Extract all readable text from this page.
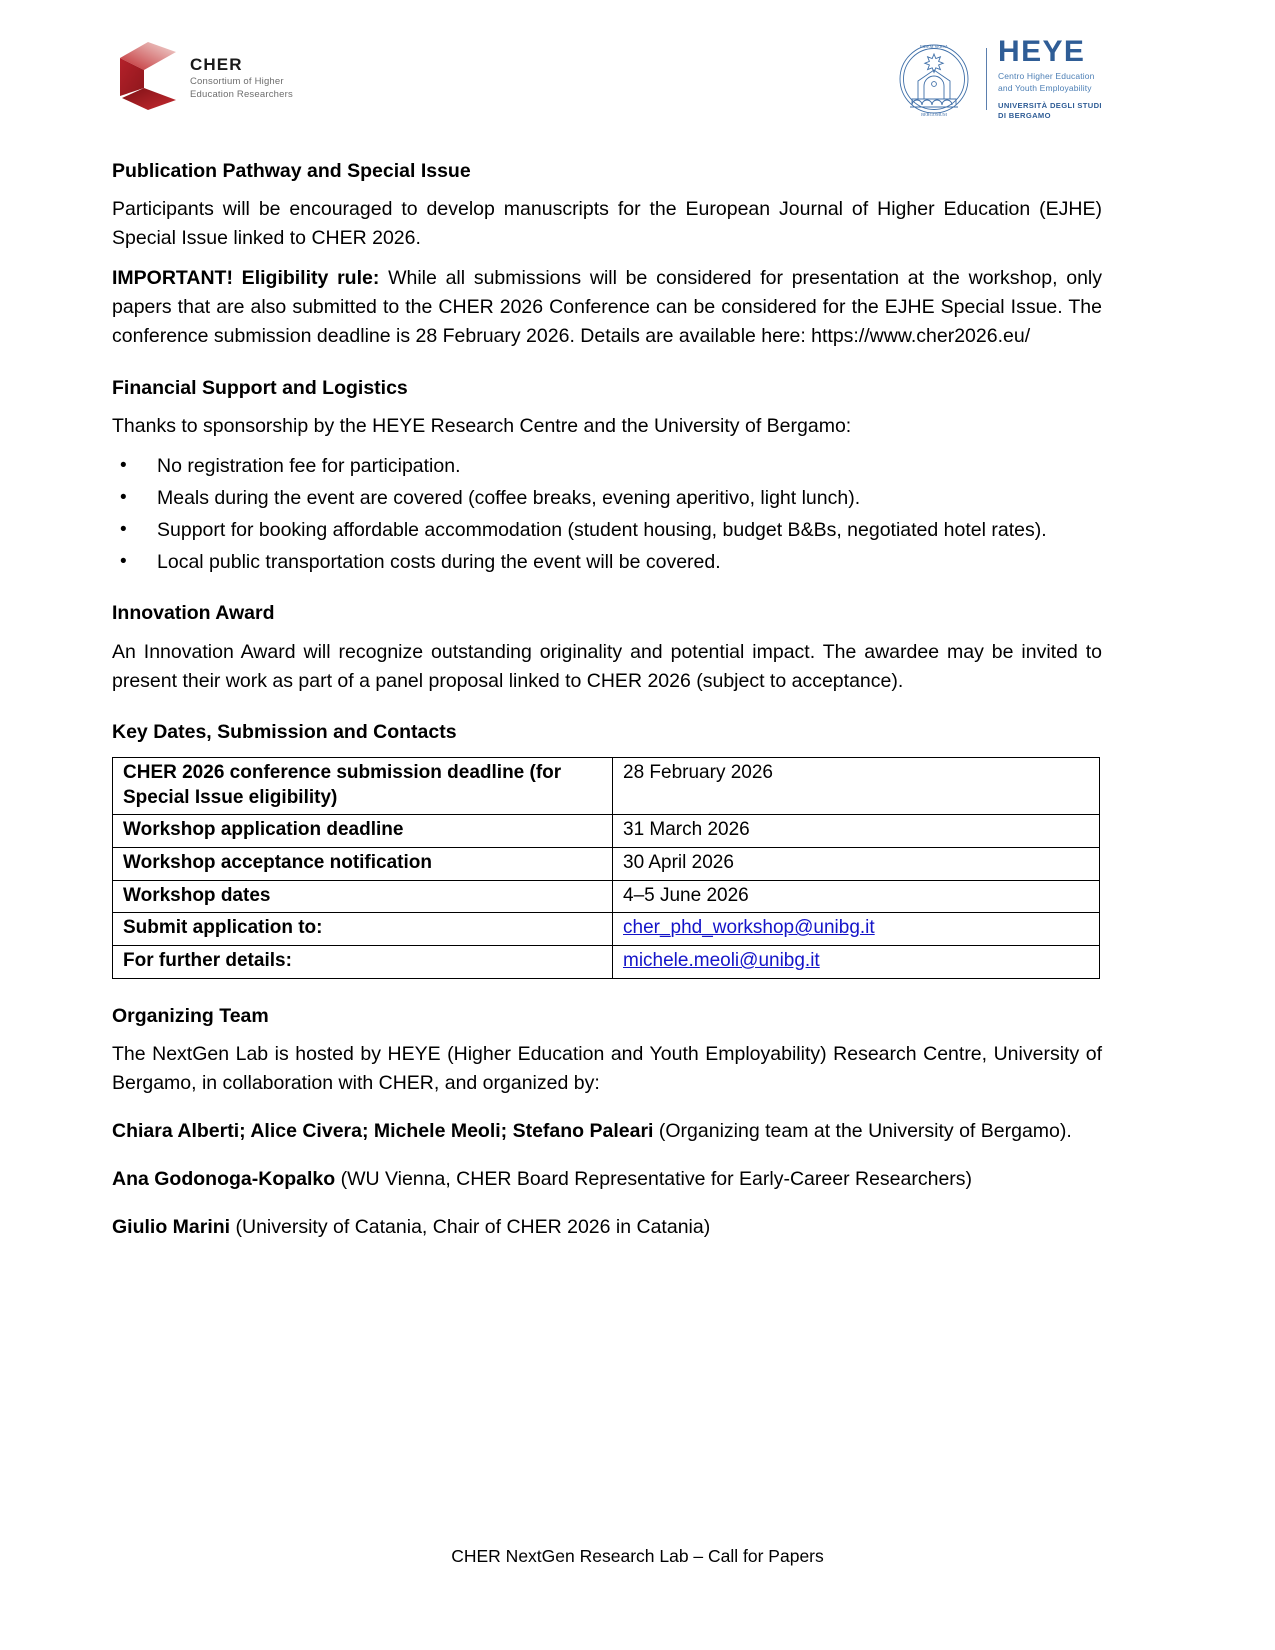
CHER
Consortium of Higher
Education Researchers
FIDEM SERVA
BERGOMUM
HEYE
Centro Higher Education
and Youth Employability
UNIVERSITÀ DEGLI STUDI
DI BERGAMO
Publication Pathway and Special Issue

Participants will be encouraged to develop manuscripts for the European Journal of Higher Education (EJHE) Special Issue linked to CHER 2026.

IMPORTANT! Eligibility rule: While all submissions will be considered for presentation at the workshop, only papers that are also submitted to the CHER 2026 Conference can be considered for the EJHE Special Issue. The conference submission deadline is 28 February 2026. Details are available here: https://www.cher2026.eu/

Financial Support and Logistics

Thanks to sponsorship by the HEYE Research Centre and the University of Bergamo:

• No registration fee for participation.
• Meals during the event are covered (coffee breaks, evening aperitivo, light lunch).
• Support for booking affordable accommodation (student housing, budget B&Bs, negotiated hotel rates).
• Local public transportation costs during the event will be covered.
Innovation Award

An Innovation Award will recognize outstanding originality and potential impact. The awardee may be invited to present their work as part of a panel proposal linked to CHER 2026 (subject to acceptance).

Key Dates, Submission and Contacts
CHER 2026 conference submission deadline (for Special Issue eligibility)	28 February 2026
Workshop application deadline	31 March 2026
Workshop acceptance notification	30 April 2026
Workshop dates	4–5 June 2026
Submit application to:	cher_phd_workshop@unibg.it
For further details:	michele.meoli@unibg.it
Organizing Team

The NextGen Lab is hosted by HEYE (Higher Education and Youth Employability) Research Centre, University of Bergamo, in collaboration with CHER, and organized by:

Chiara Alberti; Alice Civera; Michele Meoli; Stefano Paleari (Organizing team at the University of Bergamo).

Ana Godonoga-Kopalko (WU Vienna, CHER Board Representative for Early-Career Researchers)

Giulio Marini (University of Catania, Chair of CHER 2026 in Catania)

CHER NextGen Research Lab – Call for Papers
